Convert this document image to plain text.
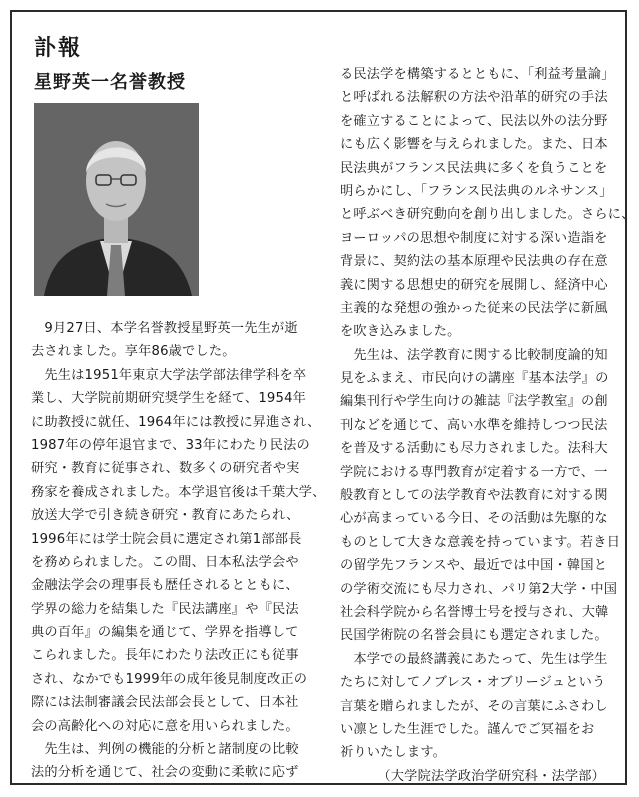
訃報
星野英一名誉教授
　9月27日、本学名誉教授星野英一先生が逝
去されました。享年86歳でした。
　先生は1951年東京大学法学部法律学科を卒
業し、大学院前期研究奨学生を経て、1954年
に助教授に就任、1964年には教授に昇進され、
1987年の停年退官まで、33年にわたり民法の
研究・教育に従事され、数多くの研究者や実
務家を養成されました。本学退官後は千葉大学、
放送大学で引き続き研究・教育にあたられ、
1996年には学士院会員に選定され第1部部長
を務められました。この間、日本私法学会や
金融法学会の理事長も歴任されるとともに、
学界の総力を結集した『民法講座』や『民法
典の百年』の編集を通じて、学界を指導して
こられました。長年にわたり法改正にも従事
され、なかでも1999年の成年後見制度改正の
際には法制審議会民法部会長として、日本社
会の高齢化への対応に意を用いられました。
　先生は、判例の機能的分析と諸制度の比較
法的分析を通じて、社会の変動に柔軟に応ず
る民法学を構築するとともに、「利益考量論」
と呼ばれる法解釈の方法や沿革的研究の手法
を確立することによって、民法以外の法分野
にも広く影響を与えられました。また、日本
民法典がフランス民法典に多くを負うことを
明らかにし、「フランス民法典のルネサンス」
と呼ぶべき研究動向を創り出しました。さらに、
ヨーロッパの思想や制度に対する深い造詣を
背景に、契約法の基本原理や民法典の存在意
義に関する思想史的研究を展開し、経済中心
主義的な発想の強かった従来の民法学に新風
を吹き込みました。
　先生は、法学教育に関する比較制度論的知
見をふまえ、市民向けの講座『基本法学』の
編集刊行や学生向けの雑誌『法学教室』の創
刊などを通じて、高い水準を維持しつつ民法
を普及する活動にも尽力されました。法科大
学院における専門教育が定着する一方で、一
般教育としての法学教育や法教育に対する関
心が高まっている今日、その活動は先駆的な
ものとして大きな意義を持っています。若き日
の留学先フランスや、最近では中国・韓国と
の学術交流にも尽力され、パリ第2大学・中国
社会科学院から名誉博士号を授与され、大韓
民国学術院の名誉会員にも選定されました。
　本学での最終講義にあたって、先生は学生
たちに対してノブレス・オブリージュという
言葉を贈られましたが、その言葉にふさわし
い凛とした生涯でした。謹んでご冥福をお
祈りいたします。
（大学院法学政治学研究科・法学部）
